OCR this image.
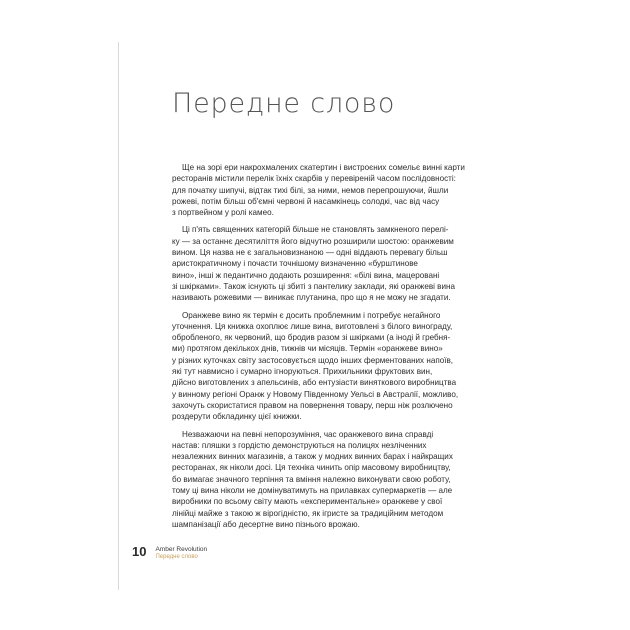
Передне слово

Ще на зорі ери накрохмалених скатертин і вистроєних сомельє винні карти
ресторанів містили перелік їхніх скарбів у перевіреній часом послідовності:
для початку шипучі, відтак тихі білі, за ними, немов перепрошуючи, йшли
рожеві, потім більш об'ємні червоні й насамкінець солодкі, час від часу
з портвейном у ролі камео.

Ці п'ять священних категорій більше не становлять замкненого перелі-
ку — за останнє десятиліття його відчутно розширили шостою: оранжевим
вином. Ця назва не є загальновизнаною — одні віддають перевагу більш
аристократичному і почасти точнішому визначенню «бурштинове
вино», інші ж педантично додають розширення: «білі вина, мацеровані
зі шкірками». Також існують ці збиті з пантелику заклади, які оранжеві вина
називають рожевими — виникає плутанина, про що я не можу не згадати.

Оранжеве вино як термін є досить проблемним і потребує негайного
уточнення. Ця книжка охоплює лише вина, виготовлені з білого винограду,
обробленого, як червоний, що бродив разом зі шкірками (а іноді й гребня-
ми) протягом декількох днів, тижнів чи місяців. Термін «оранжеве вино»
у різних куточках світу застосовується щодо інших ферментованих напоїв,
які тут навмисно і сумарно ігноруються. Прихильники фруктових вин,
дійсно виготовлених з апельсинів, або ентузіасти виняткового виробництва
у винному регіоні Оранж у Новому Південному Уельсі в Австралії, можливо,
захочуть скористатися правом на повернення товару, перш ніж розлючено
роздерути обкладинку цієї книжки.

Незважаючи на певні непорозуміння, час оранжевого вина справді
настав: пляшки з гордістю демонструються на полицях незліченних
незалежних винних магазинів, а також у модних винних барах і найкращих
ресторанах, як ніколи досі. Ця техніка чинить опір масовому виробництву,
бо вимагає значного терпіння та вміння належно виконувати свою роботу,
тому ці вина ніколи не домінуватимуть на прилавках супермаркетів — але
виробники по всьому світу мають «експериментальне» оранжеве у свої
лінійці майже з такою ж вірогідністю, як ігристе за традиційним методом
шампанізації або десертне вино пізнього врожаю.

10 Amber Revolution
Передне слово
